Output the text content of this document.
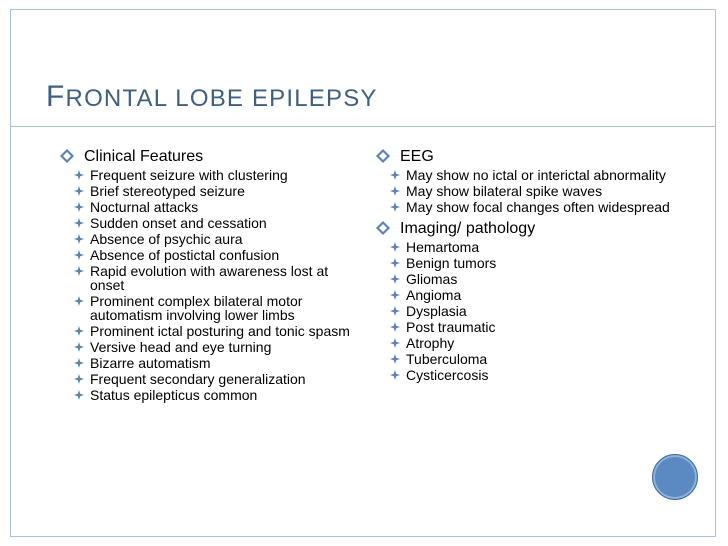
FRONTAL LOBE EPILEPSY
Clinical Features
Frequent seizure with clustering
Brief stereotyped seizure
Nocturnal attacks
Sudden onset and cessation
Absence of psychic aura
Absence of postictal confusion
Rapid evolution with awareness lost at onset
Prominent complex bilateral motor automatism involving lower limbs
Prominent ictal posturing and tonic spasm
Versive head and eye turning
Bizarre automatism
Frequent secondary generalization
Status epilepticus common
EEG
May show no ictal or interictal abnormality
May show bilateral spike waves
May show focal changes often widespread
Imaging/ pathology
Hemartoma
Benign tumors
Gliomas
Angioma
Dysplasia
Post traumatic
Atrophy
Tuberculoma
Cysticercosis
